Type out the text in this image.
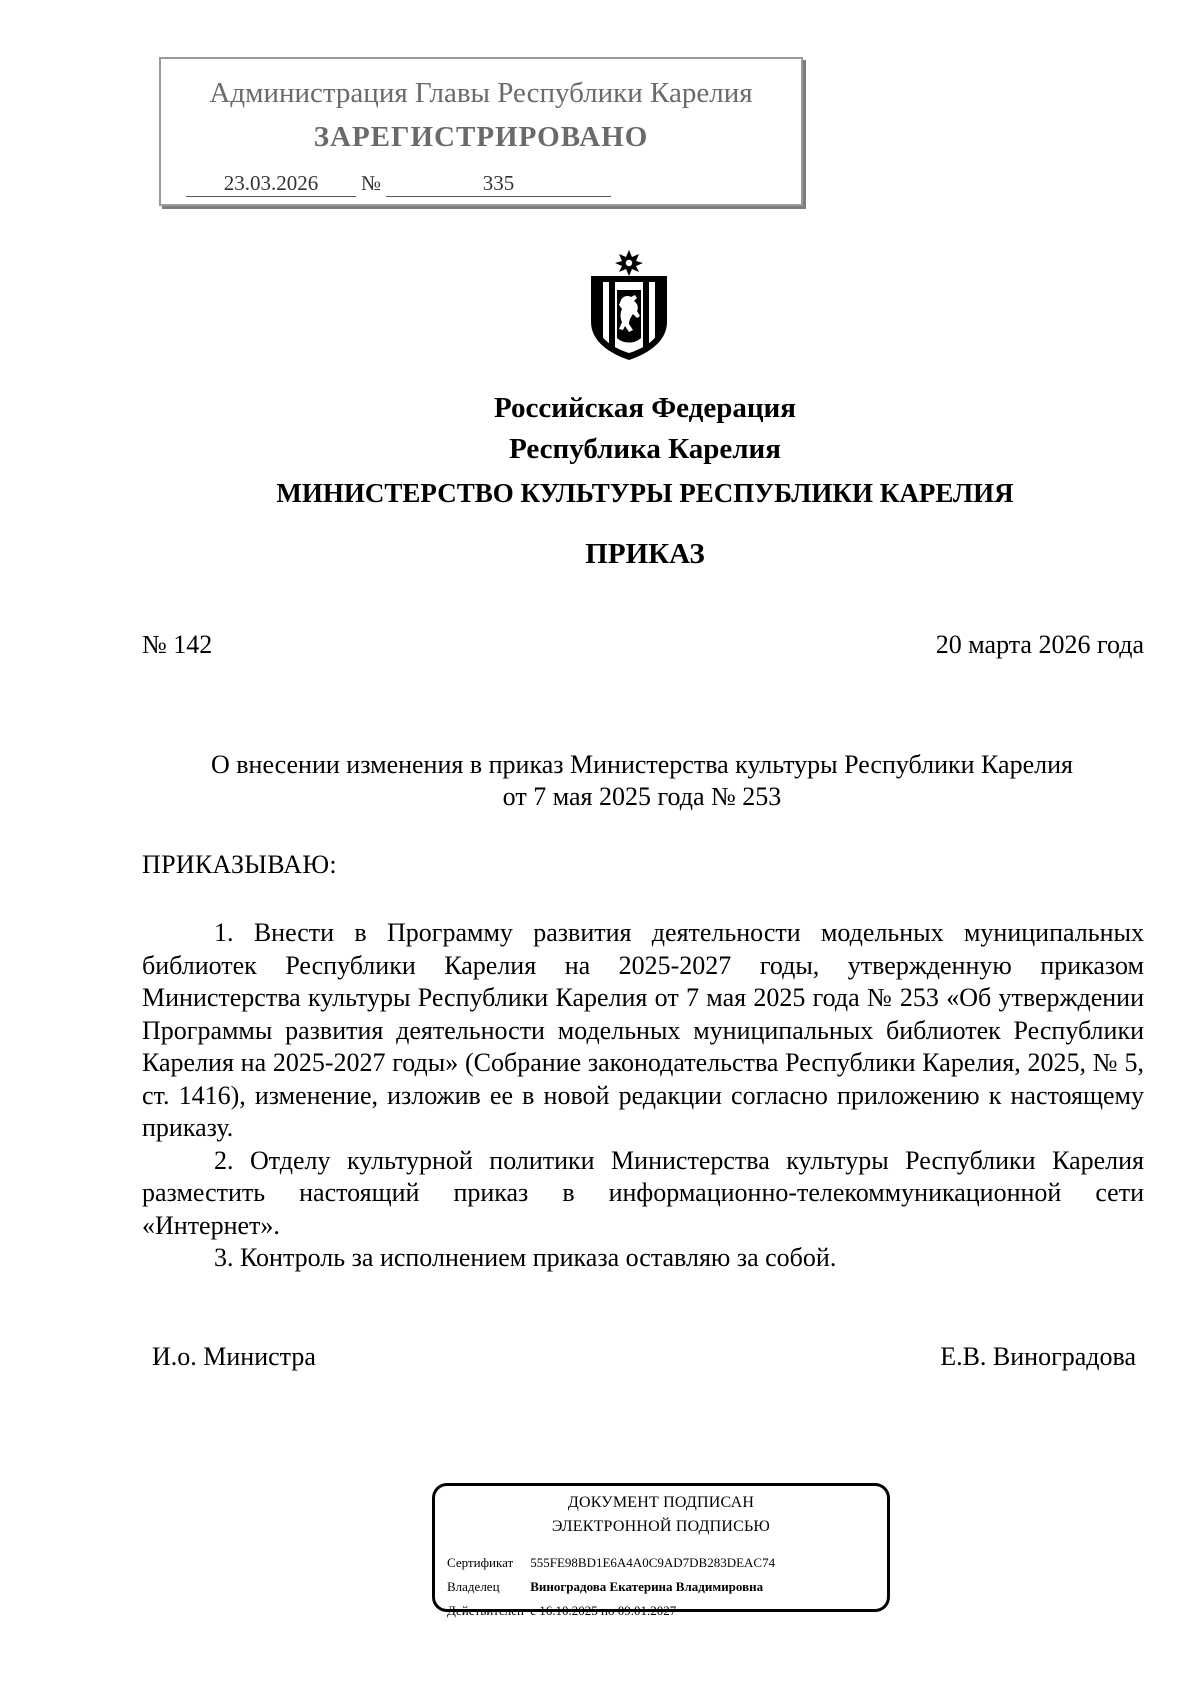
Администрация Главы Республики Карелия
ЗАРЕГИСТРИРОВАНО
23.03.2026	№	335
Российская Федерация
Республика Карелия
МИНИСТЕРСТВО КУЛЬТУРЫ РЕСПУБЛИКИ КАРЕЛИЯ
ПРИКАЗ
№ 142	20 марта 2026 года
О внесении изменения в приказ Министерства культуры Республики Карелия
от 7 мая 2025 года № 253
ПРИКАЗЫВАЮ:

1. Внести в Программу развития деятельности модельных муниципальных библиотек Республики Карелия на 2025-2027 годы, утвержденную приказом Министерства культуры Республики Карелия от 7 мая 2025 года № 253 «Об утверждении Программы развития деятельности модельных муниципальных библиотек Республики Карелия на 2025-2027 годы» (Собрание законодательства Республики Карелия, 2025, № 5, ст. 1416), изменение, изложив ее в новой редакции согласно приложению к настоящему приказу.

2. Отделу культурной политики Министерства культуры Республики Карелия разместить настоящий приказ в информационно-телекоммуникационной сети «Интернет».

3. Контроль за исполнением приказа оставляю за собой.

И.о. Министра	Е.В. Виноградова
ДОКУМЕНТ ПОДПИСАН
ЭЛЕКТРОННОЙ ПОДПИСЬЮ
Сертификат 555FE98BD1E6A4A0C9AD7DB283DEAC74
Владелец Виноградова Екатерина Владимировна
Действителен с 16.10.2025 по 09.01.2027
